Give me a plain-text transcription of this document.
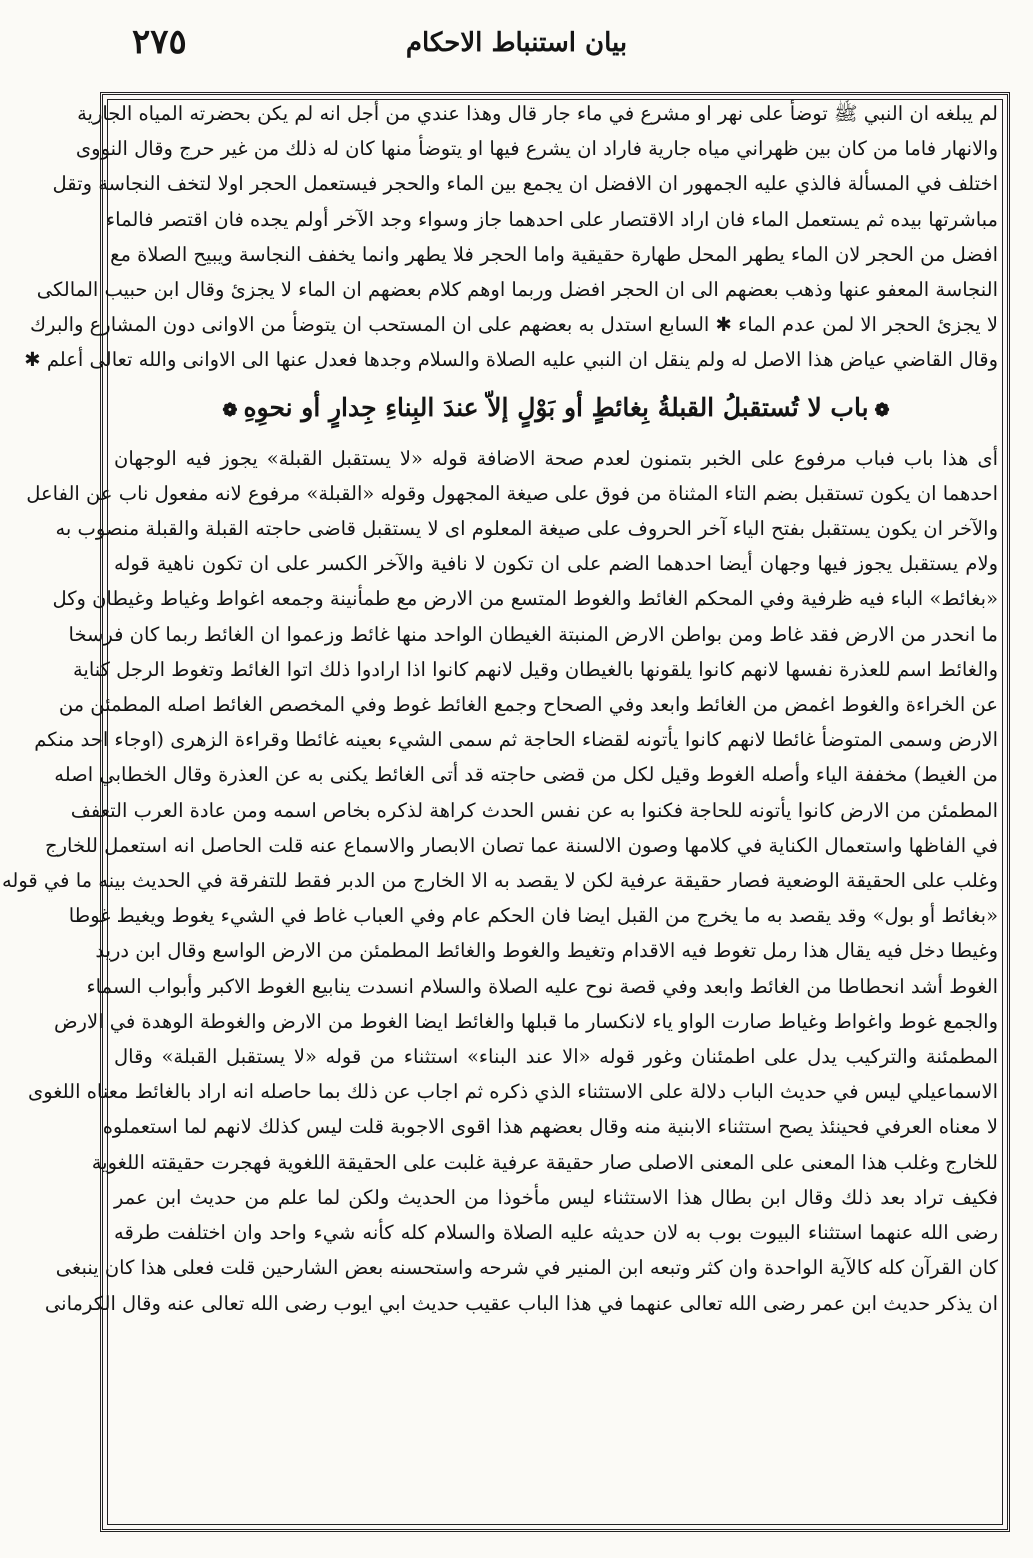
٢٧٥	بيان استنباط الاحكام

لم يبلغه ان النبي ﷺ توضأ على نهر او مشرع في ماء جار قال وهذا عندي من أجل انه لم يكن بحضرته المياه الجارية
والانهار فاما من كان بين ظهراني مياه جارية فاراد ان يشرع فيها او يتوضأ منها كان له ذلك من غير حرج وقال النووى
اختلف في المسألة فالذي عليه الجمهور ان الافضل ان يجمع بين الماء والحجر فيستعمل الحجر اولا لتخف النجاسة وتقل
مباشرتها بيده ثم يستعمل الماء فان اراد الاقتصار على احدهما جاز وسواء وجد الآخر أولم يجده فان اقتصر فالماء
افضل من الحجر لان الماء يطهر المحل طهارة حقيقية واما الحجر فلا يطهر وانما يخفف النجاسة ويبيح الصلاة مع
النجاسة المعفو عنها وذهب بعضهم الى ان الحجر افضل وربما اوهم كلام بعضهم ان الماء لا يجزئ وقال ابن حبيب المالكى
لا يجزئ الحجر الا لمن عدم الماء ✱ السابع استدل به بعضهم على ان المستحب ان يتوضأ من الاوانى دون المشارع والبرك
وقال القاضي عياض هذا الاصل له ولم ينقل ان النبي عليه الصلاة والسلام وجدها فعدل عنها الى الاوانى والله تعالى أعلم ✱

❁باب لا تُستقبلُ القبلةُ بِغائطٍ أو بَوْلٍ إلاّ عندَ البِناءِ جِدارٍ أو نحوِهِ❁

أى هذا باب فباب مرفوع على الخبر بتمنون لعدم صحة الاضافة قوله «لا يستقبل القبلة» يجوز فيه الوجهان
احدهما ان يكون تستقبل بضم التاء المثناة من فوق على صيغة المجهول وقوله «القبلة» مرفوع لانه مفعول ناب عن الفاعل
والآخر ان يكون يستقبل بفتح الياء آخر الحروف على صيغة المعلوم اى لا يستقبل قاضى حاجته القبلة والقبلة منصوب به
ولام يستقبل يجوز فيها وجهان أيضا احدهما الضم على ان تكون لا نافية والآخر الكسر على ان تكون ناهية قوله
«بغائط» الباء فيه ظرفية وفي المحكم الغائط والغوط المتسع من الارض مع طمأنينة وجمعه اغواط وغياط وغيطان وكل
ما انحدر من الارض فقد غاط ومن بواطن الارض المنبتة الغيطان الواحد منها غائط وزعموا ان الغائط ربما كان فرسخا
والغائط اسم للعذرة نفسها لانهم كانوا يلقونها بالغيطان وقيل لانهم كانوا اذا ارادوا ذلك اتوا الغائط وتغوط الرجل كناية
عن الخراءة والغوط اغمض من الغائط وابعد وفي الصحاح وجمع الغائط غوط وفي المخصص الغائط اصله المطمئن من
الارض وسمى المتوضأ غائطا لانهم كانوا يأتونه لقضاء الحاجة ثم سمى الشيء بعينه غائطا وقراءة الزهرى (اوجاء احد منكم
من الغيط) مخففة الياء وأصله الغوط وقيل لكل من قضى حاجته قد أتى الغائط يكنى به عن العذرة وقال الخطابي اصله
المطمئن من الارض كانوا يأتونه للحاجة فكنوا به عن نفس الحدث كراهة لذكره بخاص اسمه ومن عادة العرب التعفف
في الفاظها واستعمال الكناية في كلامها وصون الالسنة عما تصان الابصار والاسماع عنه قلت الحاصل انه استعمل للخارج
وغلب على الحقيقة الوضعية فصار حقيقة عرفية لكن لا يقصد به الا الخارج من الدبر فقط للتفرقة في الحديث بينه ما في قوله
«بغائط أو بول» وقد يقصد به ما يخرج من القبل ايضا فان الحكم عام وفي العباب غاط في الشيء يغوط ويغيط غوطا
وغيطا دخل فيه يقال هذا رمل تغوط فيه الاقدام وتغيط والغوط والغائط المطمئن من الارض الواسع وقال ابن دريد
الغوط أشد انحطاطا من الغائط وابعد وفي قصة نوح عليه الصلاة والسلام انسدت ينابيع الغوط الاكبر وأبواب السماء
والجمع غوط واغواط وغياط صارت الواو ياء لانكسار ما قبلها والغائط ايضا الغوط من الارض والغوطة الوهدة في الارض
المطمئنة والتركيب يدل على اطمئنان وغور قوله «الا عند البناء» استثناء من قوله «لا يستقبل القبلة» وقال
الاسماعيلي ليس في حديث الباب دلالة على الاستثناء الذي ذكره ثم اجاب عن ذلك بما حاصله انه اراد بالغائط معناه اللغوى
لا معناه العرفي فحينئذ يصح استثناء الابنية منه وقال بعضهم هذا اقوى الاجوبة قلت ليس كذلك لانهم لما استعملوه
للخارج وغلب هذا المعنى على المعنى الاصلى صار حقيقة عرفية غلبت على الحقيقة اللغوية فهجرت حقيقته اللغوية
فكيف تراد بعد ذلك وقال ابن بطال هذا الاستثناء ليس مأخوذا من الحديث ولكن لما علم من حديث ابن عمر
رضى الله عنهما استثناء البيوت بوب به لان حديثه عليه الصلاة والسلام كله كأنه شيء واحد وان اختلفت طرقه
كان القرآن كله كالآية الواحدة وان كثر وتبعه ابن المنير في شرحه واستحسنه بعض الشارحين قلت فعلى هذا كان ينبغى
ان يذكر حديث ابن عمر رضى الله تعالى عنهما في هذا الباب عقيب حديث ابي ايوب رضى الله تعالى عنه وقال الكرمانى
